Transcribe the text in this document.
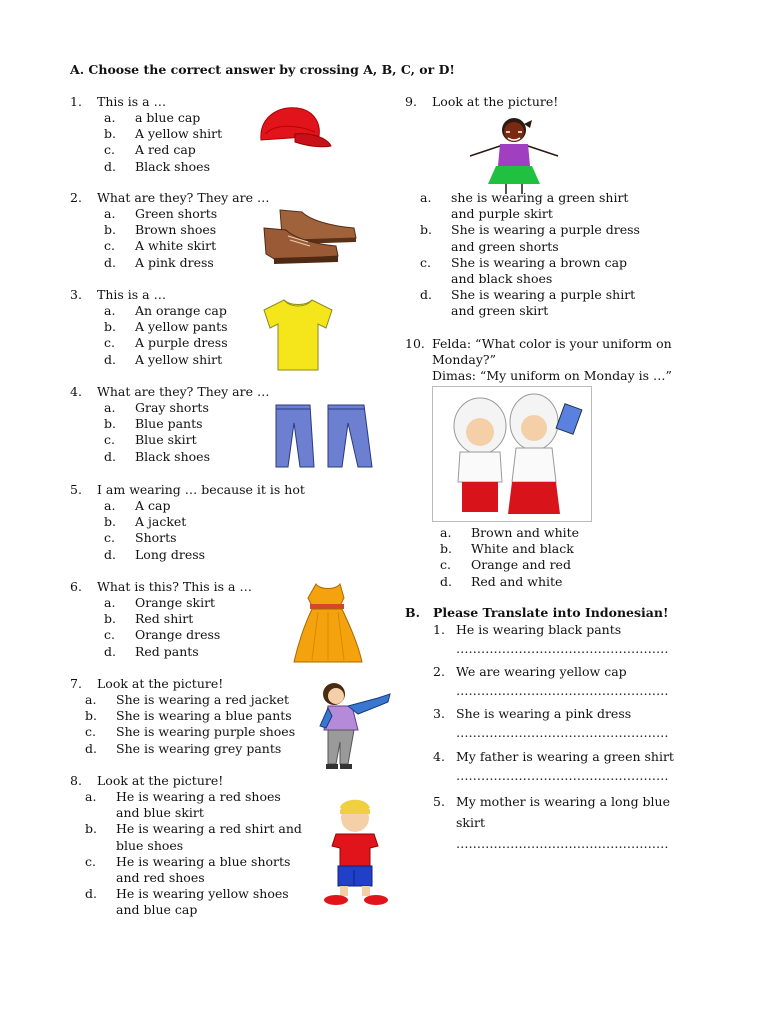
A. Choose the correct answer by crossing A, B, C, or D!
1.	This is a …
a.	a blue cap
b.	A yellow shirt
c.	A red cap
d.	Black shoes
2.	What are they? They are …
a.	Green shorts
b.	Brown shoes
c.	A white skirt
d.	A pink dress
3.	This is a …
a.	An orange cap
b.	A yellow pants
c.	A purple dress
d.	A yellow shirt
4.	What are they? They are …
a.	Gray shorts
b.	Blue pants
c.	Blue skirt
d.	Black shoes
5.	I am wearing … because it is hot
a.	A cap
b.	A jacket
c.	Shorts
d.	Long dress
6.	What is this? This is a …
a.	Orange skirt
b.	Red shirt
c.	Orange dress
d.	Red pants
7.	Look at the picture!
a.	She is wearing a red jacket
b.	She is wearing a blue pants
c.	She is wearing purple shoes
d.	She is wearing grey pants
8.	Look at the picture!
a.	He is wearing a red shoes and blue skirt
b.	He is wearing a red shirt and blue shoes
c.	He is wearing a blue shorts and red shoes
d.	He is wearing yellow shoes and blue cap
9.	Look at the picture!
a.	she is wearing a green shirt and purple skirt
b.	She is wearing a purple dress and green shorts
c.	She is wearing a brown cap and black shoes
d.	She is wearing a purple shirt and green skirt
10. Felda: “What color is your uniform on
Monday?”
Dimas: “My uniform on Monday is …”
a.	Brown and white
b.	White and black
c.	Orange and red
d.	Red and white
B.   Please Translate into Indonesian!
1. He is wearing black pants
……………………………………………
2. We are wearing yellow cap
……………………………………………
3. She is wearing a pink dress
……………………………………………
4. My father is wearing a green shirt
……………………………………………
5. My mother is wearing a long blue skirt
……………………………………………
